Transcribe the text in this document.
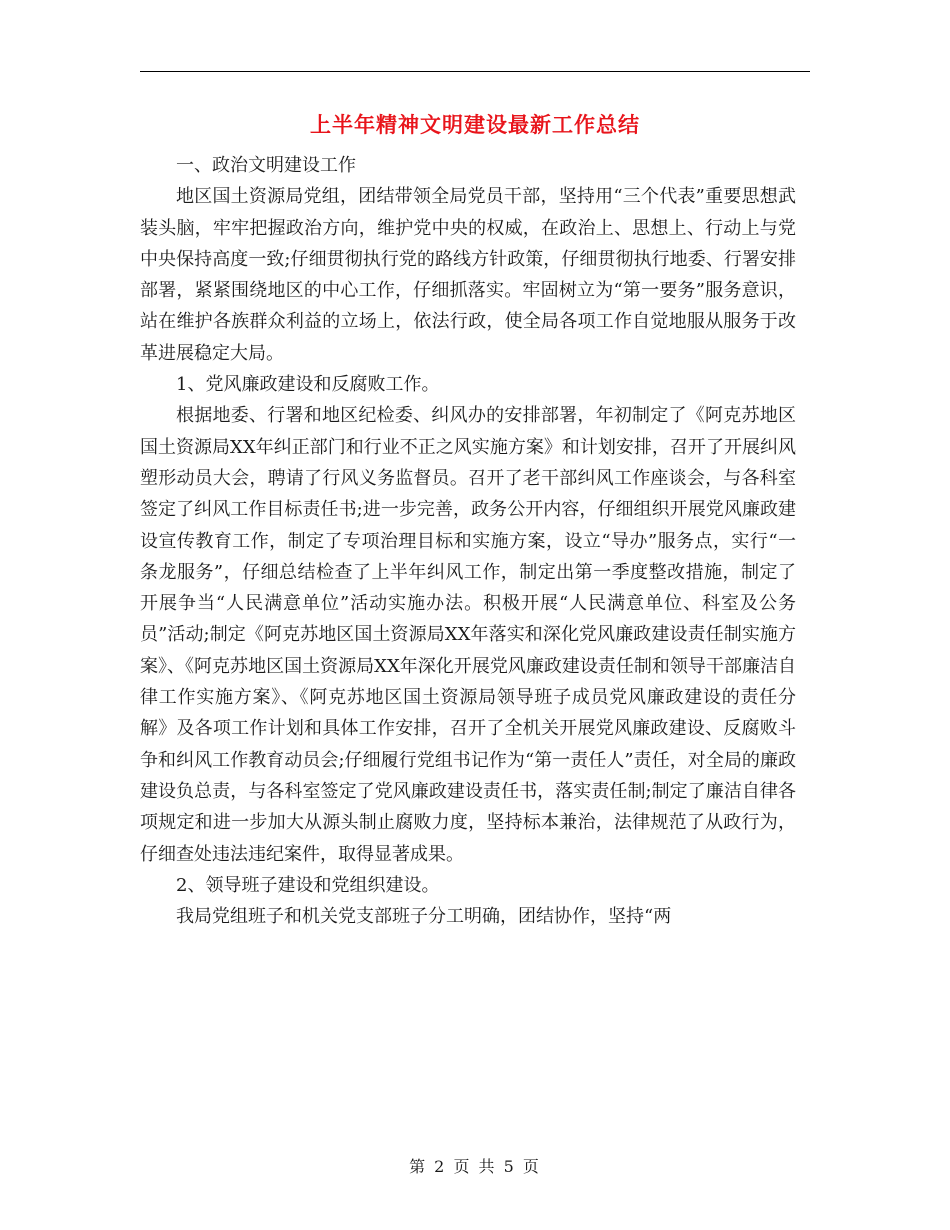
上半年精神文明建设最新工作总结

一、政治文明建设工作

地区国土资源局党组，团结带领全局党员干部，坚持用“三个代表”重要思想武装头脑，牢牢把握政治方向，维护党中央的权威，在政治上、思想上、行动上与党中央保持高度一致;仔细贯彻执行党的路线方针政策，仔细贯彻执行地委、行署安排部署，紧紧围绕地区的中心工作，仔细抓落实。牢固树立为“第一要务”服务意识，站在维护各族群众利益的立场上，依法行政，使全局各项工作自觉地服从服务于改革进展稳定大局。

1、党风廉政建设和反腐败工作。

根据地委、行署和地区纪检委、纠风办的安排部署，年初制定了《阿克苏地区国土资源局XX年纠正部门和行业不正之风实施方案》和计划安排，召开了开展纠风塑形动员大会，聘请了行风义务监督员。召开了老干部纠风工作座谈会，与各科室签定了纠风工作目标责任书;进一步完善，政务公开内容，仔细组织开展党风廉政建设宣传教育工作，制定了专项治理目标和实施方案，设立“导办”服务点，实行“一条龙服务”，仔细总结检查了上半年纠风工作，制定出第一季度整改措施，制定了开展争当“人民满意单位”活动实施办法。积极开展“人民满意单位、科室及公务员”活动;制定《阿克苏地区国土资源局XX年落实和深化党风廉政建设责任制实施方案》、《阿克苏地区国土资源局XX年深化开展党风廉政建设责任制和领导干部廉洁自律工作实施方案》、《阿克苏地区国土资源局领导班子成员党风廉政建设的责任分解》及各项工作计划和具体工作安排，召开了全机关开展党风廉政建设、反腐败斗争和纠风工作教育动员会;仔细履行党组书记作为“第一责任人”责任，对全局的廉政建设负总责，与各科室签定了党风廉政建设责任书，落实责任制;制定了廉洁自律各项规定和进一步加大从源头制止腐败力度，坚持标本兼治，法律规范了从政行为，仔细查处违法违纪案件，取得显著成果。

2、领导班子建设和党组织建设。

我局党组班子和机关党支部班子分工明确，团结协作，坚持“两

第 2 页 共 5 页
